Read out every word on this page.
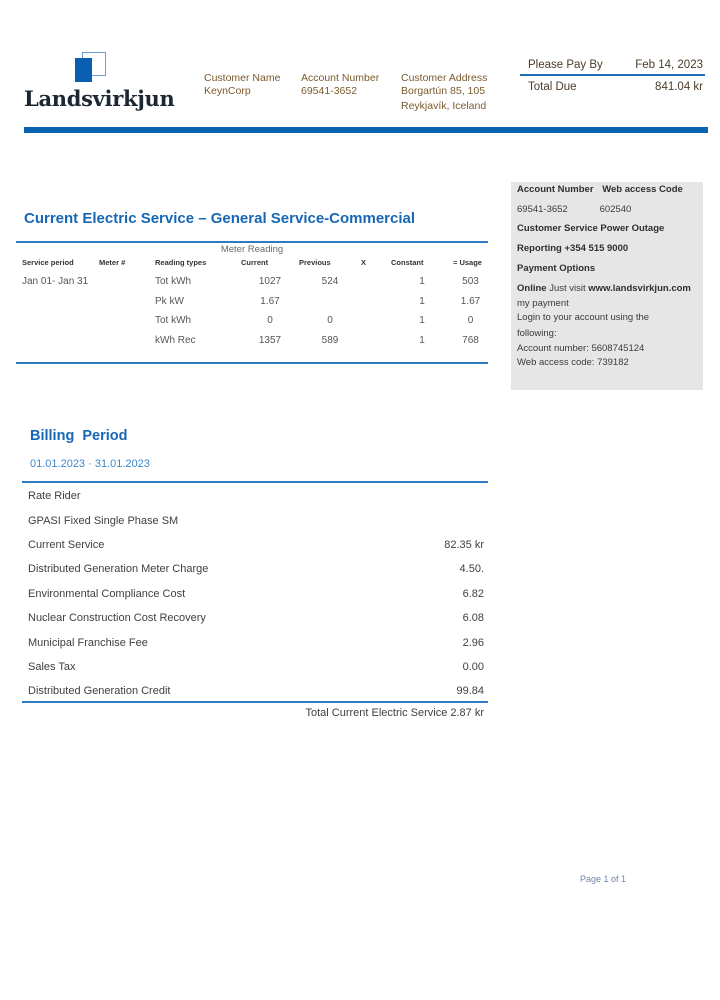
Landsvirkjun
Customer Name
KeynCorp
Account Number
69541-3652
Customer Address
Borgartún 85, 105
Reykjavík, Iceland
Please Pay By	Feb 14, 2023
Total Due	841.04 kr
Current Electric Service – General Service-Commercial
Meter Reading
Service period	Meter #	Reading types	Current	Previous	X	Constant	= Usage
Jan 01- Jan 31		Tot kWh	1027	524		1	503
		Pk kW	1.67			1	1.67
		Tot kWh	0	0		1	0
		kWh Rec	1357	589		1	768
Account Number Web access Code
69541-3652	602540
Customer Service Power Outage
Reporting +354 515 9000
Payment Options
Online Just visit www.landsvirkjun.com
my payment
Login to your account using the
following:
Account number: 5608745124
Web access code: 739182
Billing  Period
01.01.2023 · 31.01.2023
Rate Rider
GPASI Fixed Single Phase SM
Current Service	82.35 kr
Distributed Generation Meter Charge	4.50.
Environmental Compliance Cost	6.82
Nuclear Construction Cost Recovery	6.08
Municipal Franchise Fee	2.96
Sales Tax	0.00
Distributed Generation Credit	99.84
Total Current Electric Service 2.87 kr
Page 1 of 1
